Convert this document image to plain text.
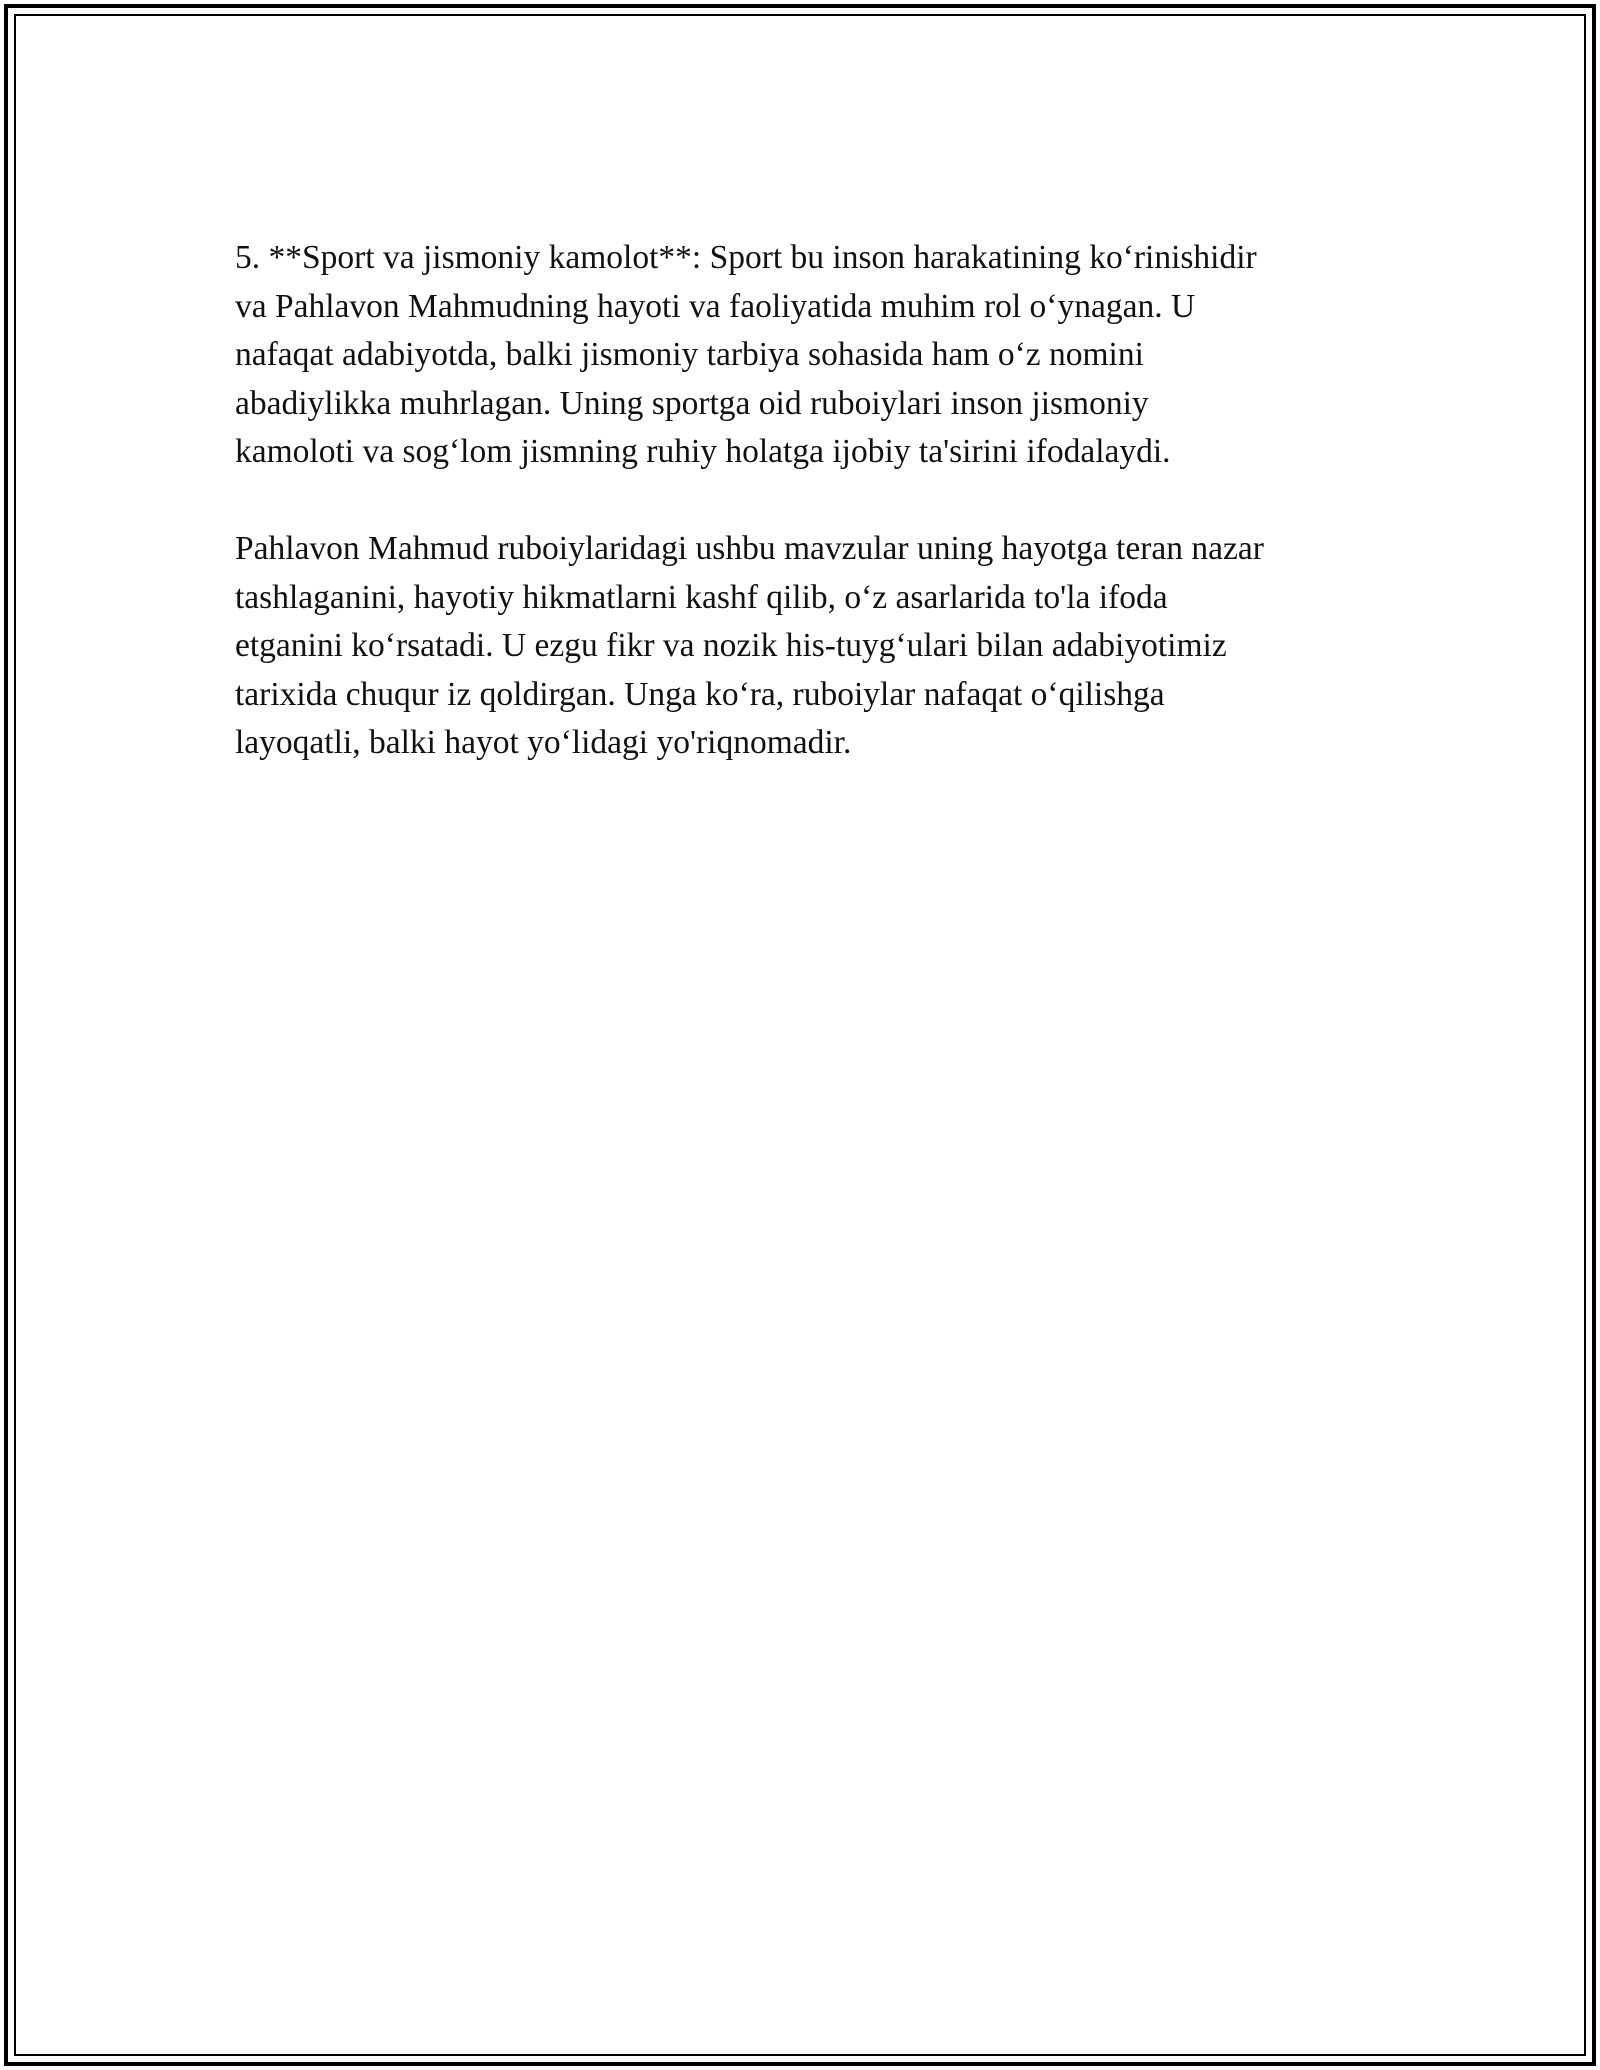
5. **Sport va jismoniy kamolot**: Sport bu inson harakatining ko‘rinishidir
va Pahlavon Mahmudning hayoti va faoliyatida muhim rol o‘ynagan. U
nafaqat adabiyotda, balki jismoniy tarbiya sohasida ham o‘z nomini
abadiylikka muhrlagan. Uning sportga oid ruboiylari inson jismoniy
kamoloti va sog‘lom jismning ruhiy holatga ijobiy ta'sirini ifodalaydi.

Pahlavon Mahmud ruboiylaridagi ushbu mavzular uning hayotga teran nazar
tashlaganini, hayotiy hikmatlarni kashf qilib, o‘z asarlarida to'la ifoda
etganini ko‘rsatadi. U ezgu fikr va nozik his-tuyg‘ulari bilan adabiyotimiz
tarixida chuqur iz qoldirgan. Unga ko‘ra, ruboiylar nafaqat o‘qilishga
layoqatli, balki hayot yo‘lidagi yo'riqnomadir.
